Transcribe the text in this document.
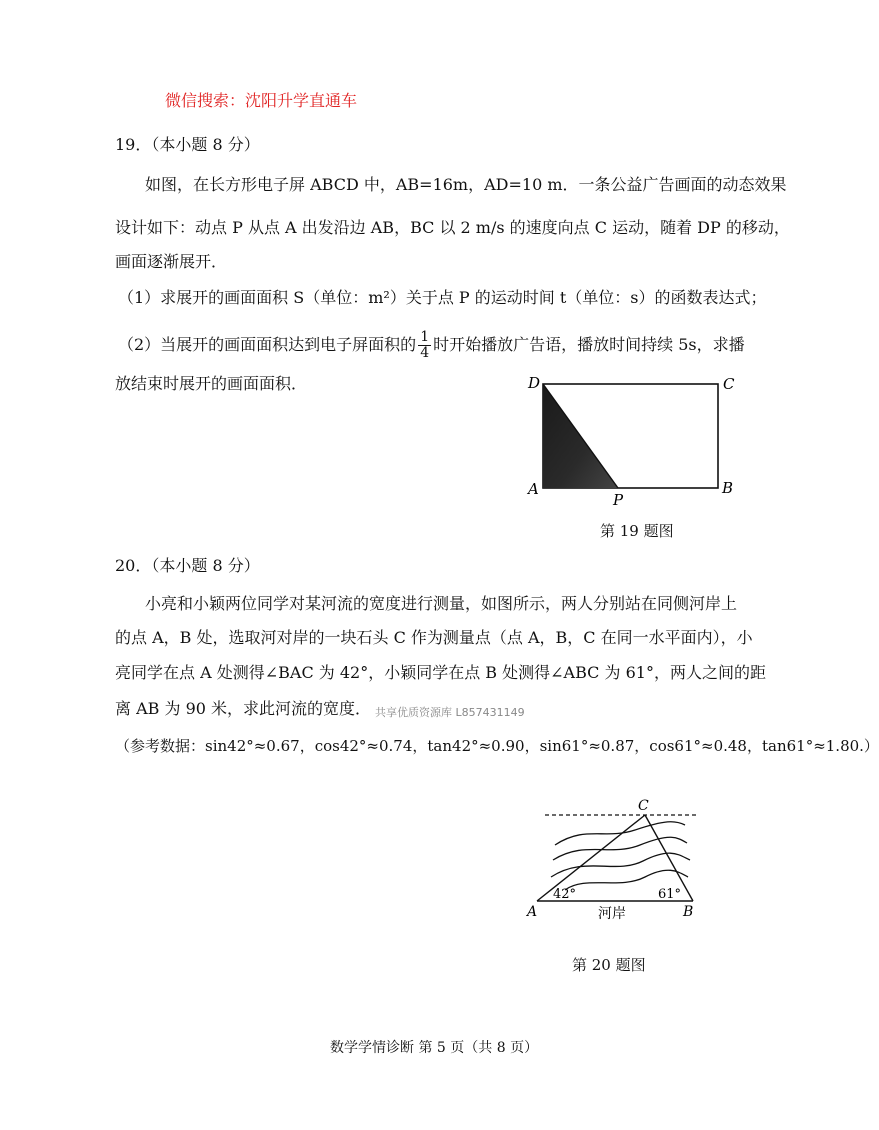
微信搜索：沈阳升学直通车
19．（本小题 8 分）
如图，在长方形电子屏 ABCD 中，AB=16m，AD=10 m．一条公益广告画面的动态效果
设计如下：动点 P 从点 A 出发沿边 AB，BC 以 2 m/s 的速度向点 C 运动，随着 DP 的移动，
画面逐渐展开．
（1）求展开的画面面积 S（单位：m²）关于点 P 的运动时间 t（单位：s）的函数表达式；
（2）当展开的画面面积达到电子屏面积的 $\frac{1}{4}$ 时开始播放广告语，播放时间持续 5s，求播
放结束时展开的画面面积．	D	C
A
P
B
第 19 题图
20．（本小题 8 分）
小亮和小颖两位同学对某河流的宽度进行测量，如图所示，两人分别站在同侧河岸上
的点 A，B 处，选取河对岸的一块石头 C 作为测量点（点 A，B，C 在同一水平面内），小
亮同学在点 A 处测得∠BAC 为 42°，小颖同学在点 B 处测得∠ABC 为 61°，两人之间的距
离 AB 为 90 米，求此河流的宽度． 共享优质资源库 L857431149
（参考数据：sin42°≈0.67，cos42°≈0.74，tan42°≈0.90，sin61°≈0.87，cos61°≈0.48，tan61°≈1.80.）
C
A	B
42°	61°
河岸
第 20 题图
数学学情诊断 第 5 页（共 8 页）
